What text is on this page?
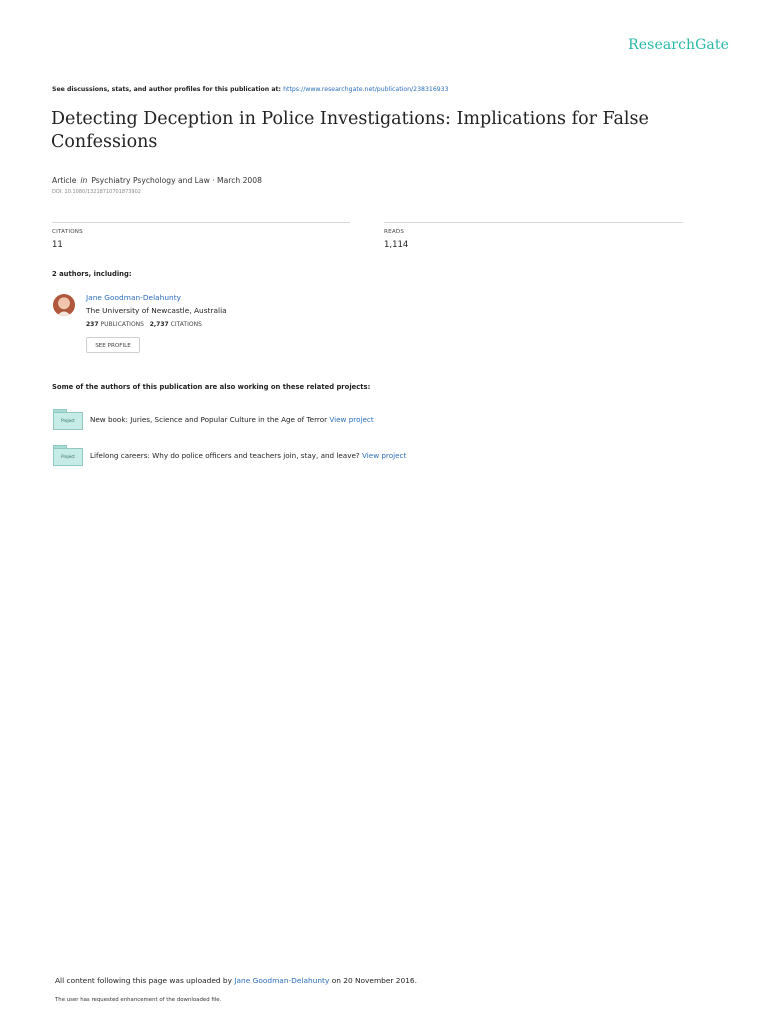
ResearchGate
See discussions, stats, and author profiles for this publication at: https://www.researchgate.net/publication/238316933
Detecting Deception in Police Investigations: Implications for False Confessions
Article in Psychiatry Psychology and Law · March 2008
DOI: 10.1080/13218710701873902
CITATIONS
11
READS
1,114
2 authors, including:
Jane Goodman-Delahunty
The University of Newcastle, Australia
237 PUBLICATIONS 2,737 CITATIONS
SEE PROFILE
Some of the authors of this publication are also working on these related projects:
Project	New book: Juries, Science and Popular Culture in the Age of Terror View project
Project	Lifelong careers: Why do police officers and teachers join, stay, and leave? View project
All content following this page was uploaded by Jane Goodman-Delahunty on 20 November 2016.
The user has requested enhancement of the downloaded file.
